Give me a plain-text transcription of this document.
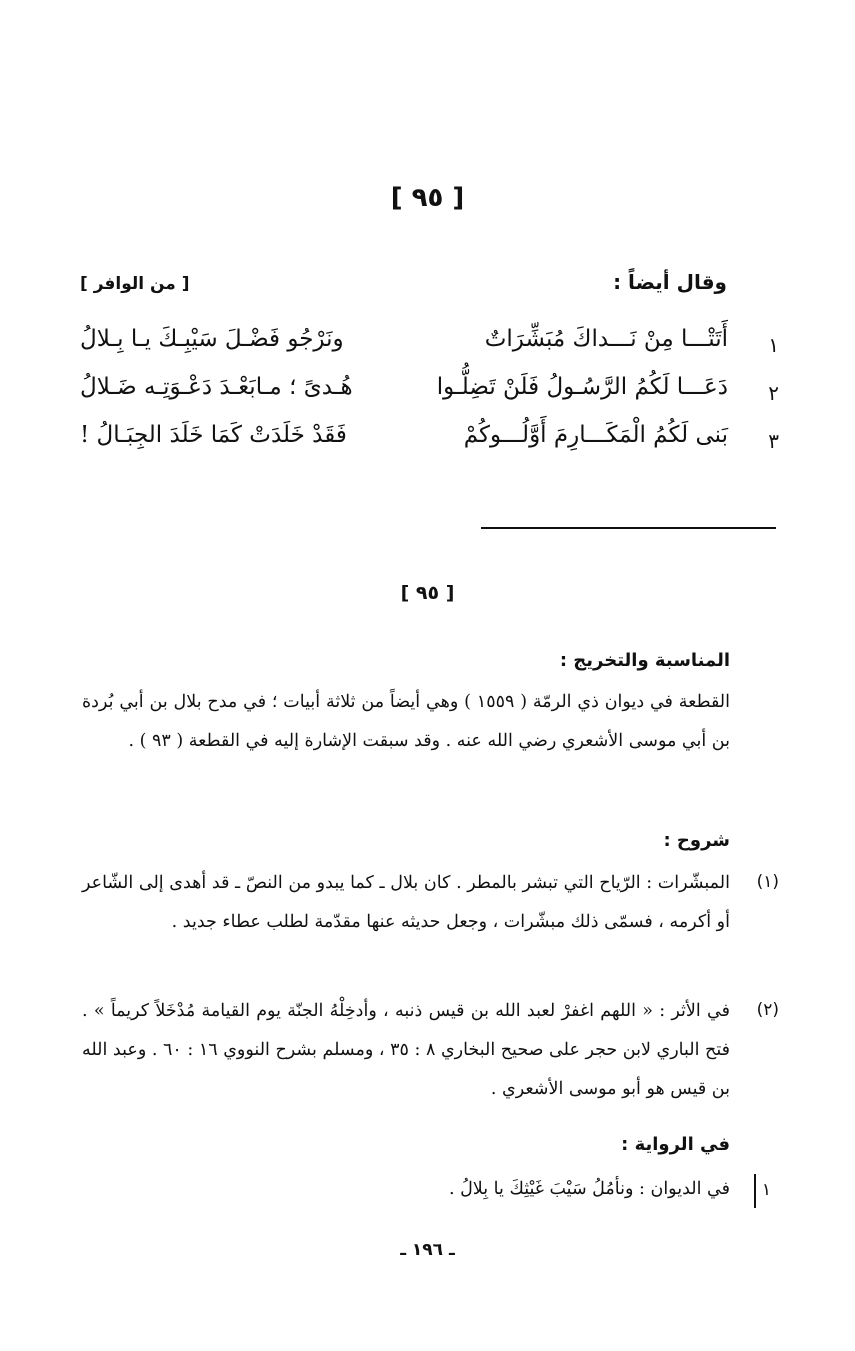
[ ٩٥ ]
وقال أيضاً :
[ من الوافر ]
١
أَتَتْـــا مِنْ نَـــداكَ مُبَشِّرَاتٌ
ونَرْجُو فَضْـلَ سَيْبِـكَ يـا بِـلالُ
٢
دَعَـــا لَكُمُ الرَّسُـولُ فَلَنْ تَضِلُّـوا
هُـدىً ؛ مـابَعْـدَ دَعْـوَتِـه ضَـلالُ
٣
بَنى لَكُمُ الْمَكَـــارِمَ أَوَّلُـــوكُمْ
فَقَدْ خَلَدَتْ كَمَا خَلَدَ الجِبَـالُ !
[ ٩٥ ]
المناسبة والتخريج :
القطعة في ديوان ذي الرمّة ( ١٥٥٩ ) وهي أيضاً من ثلاثة أبيات ؛ في مدح بلال بن أبي بُردة بن أبي موسى الأشعري رضي الله عنه . وقد سبقت الإشارة إليه في القطعة ( ٩٣ ) .
شروح :
(١)
المبشّرات : الرّياح التي تبشر بالمطر . كان بلال ـ كما يبدو من النصّ ـ قد أهدى إلى الشّاعر أو أكرمه ، فسمّى ذلك مبشّرات ، وجعل حديثه عنها مقدّمة لطلب عطاء جديد .
(٢)
في الأثر : « اللهم اغفرْ لعبد الله بن قيس ذنبه ، وأدخِلْهُ الجنّة يوم القيامة مُدْخَلاً كريماً » . فتح الباري لابن حجر على صحيح البخاري ٨ : ٣٥ ، ومسلم بشرح النووي ١٦ : ٦٠ . وعبد الله بن قيس هو أبو موسى الأشعري .
في الرواية :
١
في الديوان : ونأمُلُ سَيْبَ غَيْثِكَ يا بِلالُ .
ـ ١٩٦ ـ
